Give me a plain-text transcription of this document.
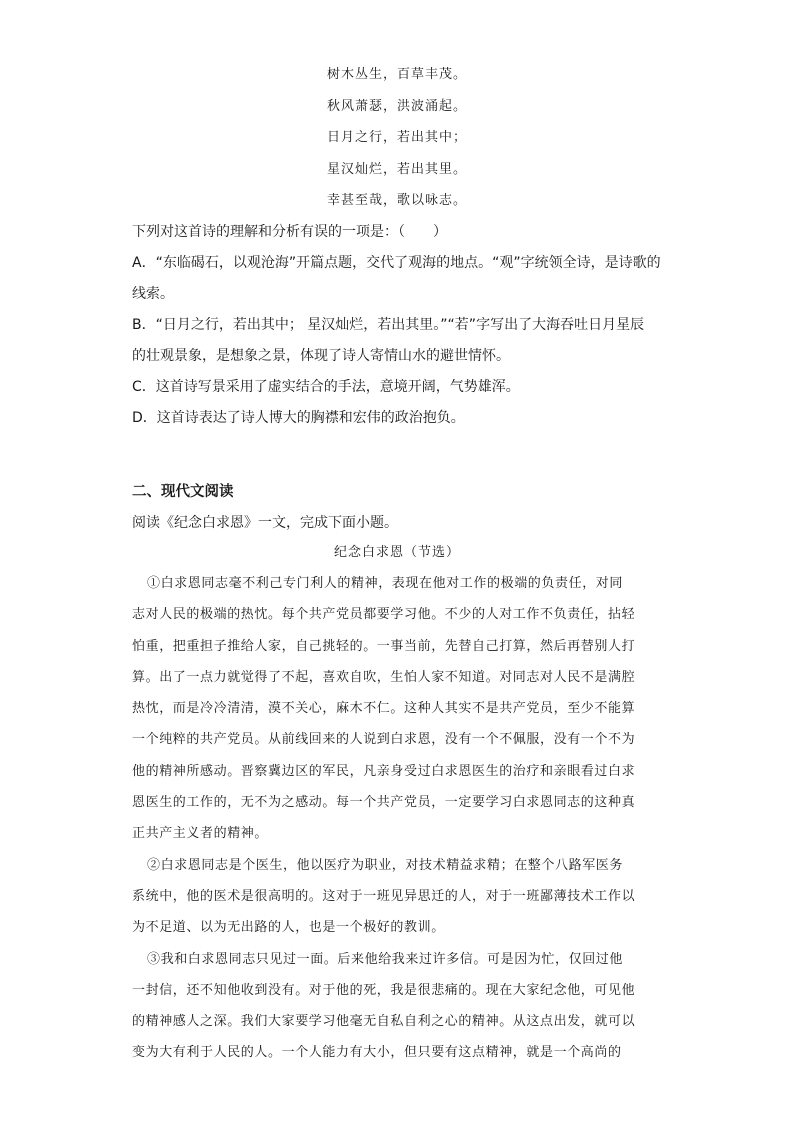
树木丛生，百草丰茂。
秋风萧瑟，洪波涌起。
日月之行，若出其中；
星汉灿烂，若出其里。
幸甚至哉，歌以咏志。
下列对这首诗的理解和分析有误的一项是：（　　）
A．“东临碣石，以观沧海”开篇点题，交代了观海的地点。“观”字统领全诗，是诗歌的
线索。
B．“日月之行，若出其中； 星汉灿烂，若出其里。”“若”字写出了大海吞吐日月星辰
的壮观景象，是想象之景，体现了诗人寄情山水的避世情怀。
C．这首诗写景采用了虚实结合的手法，意境开阔，气势雄浑。
D．这首诗表达了诗人博大的胸襟和宏伟的政治抱负。
二、现代文阅读
阅读《纪念白求恩》一文，完成下面小题。
纪念白求恩（节选）
①白求恩同志毫不利己专门利人的精神，表现在他对工作的极端的负责任，对同
志对人民的极端的热忱。每个共产党员都要学习他。不少的人对工作不负责任，拈轻
怕重，把重担子推给人家，自己挑轻的。一事当前，先替自己打算，然后再替别人打
算。出了一点力就觉得了不起，喜欢自吹，生怕人家不知道。对同志对人民不是满腔
热忱，而是冷冷清清，漠不关心，麻木不仁。这种人其实不是共产党员，至少不能算
一个纯粹的共产党员。从前线回来的人说到白求恩，没有一个不佩服，没有一个不为
他的精神所感动。晋察冀边区的军民，凡亲身受过白求恩医生的治疗和亲眼看过白求
恩医生的工作的，无不为之感动。每一个共产党员，一定要学习白求恩同志的这种真
正共产主义者的精神。
②白求恩同志是个医生，他以医疗为职业，对技术精益求精；在整个八路军医务
系统中，他的医术是很高明的。这对于一班见异思迁的人，对于一班鄙薄技术工作以
为不足道、以为无出路的人，也是一个极好的教训。
③我和白求恩同志只见过一面。后来他给我来过许多信。可是因为忙，仅回过他
一封信，还不知他收到没有。对于他的死，我是很悲痛的。现在大家纪念他，可见他
的精神感人之深。我们大家要学习他毫无自私自利之心的精神。从这点出发，就可以
变为大有利于人民的人。一个人能力有大小，但只要有这点精神，就是一个高尚的
